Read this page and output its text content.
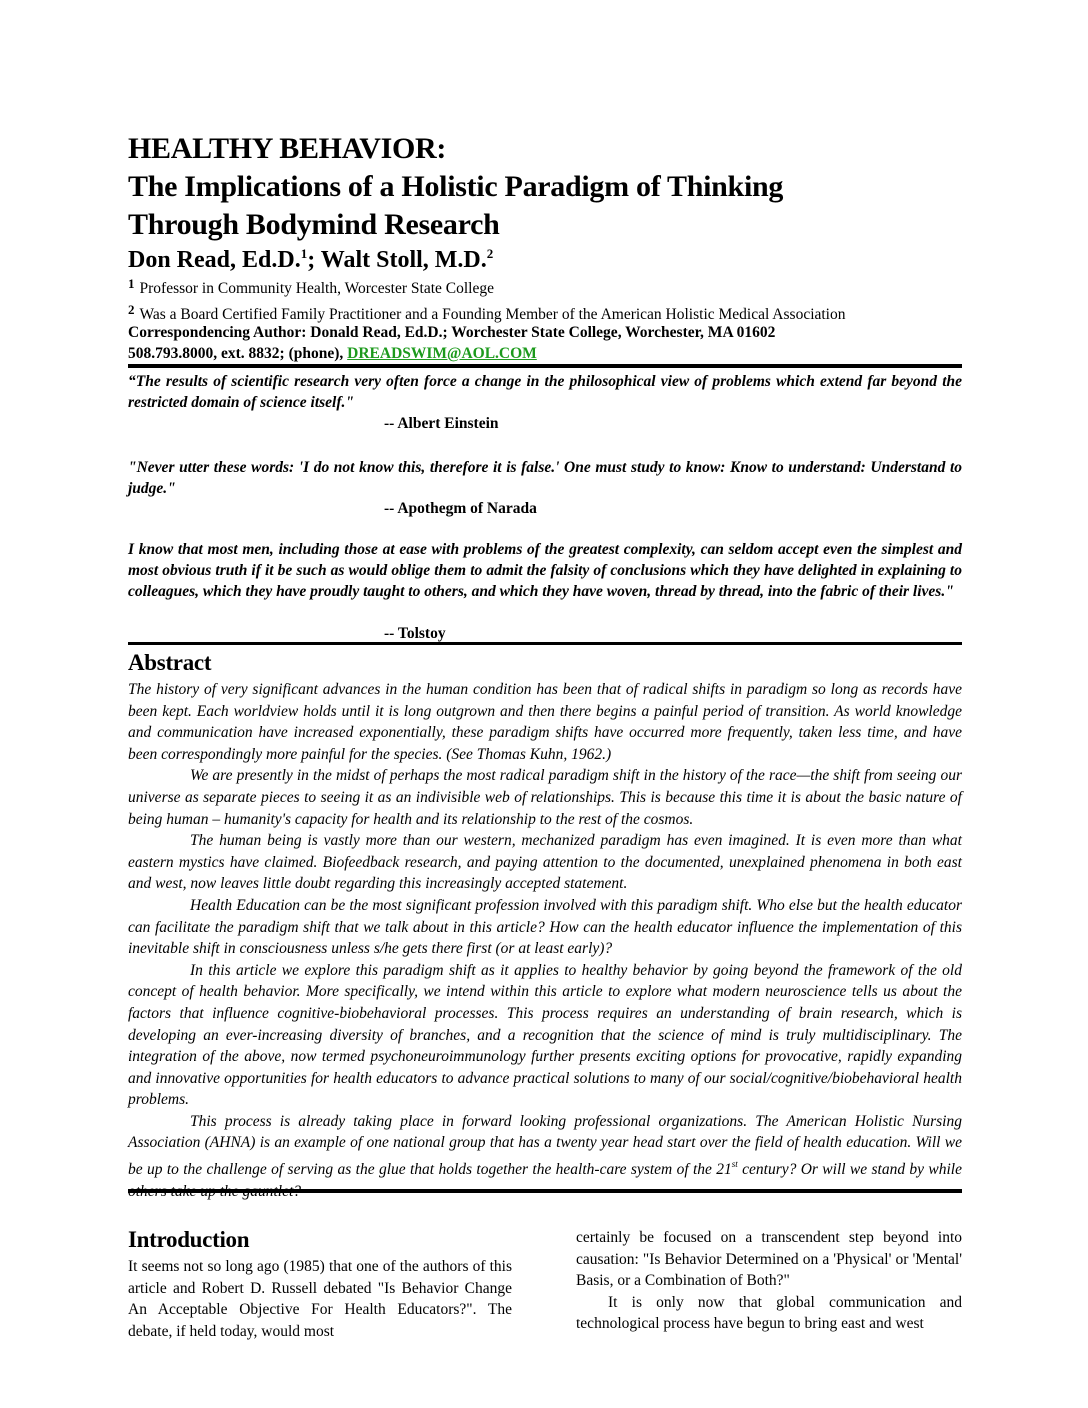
HEALTHY BEHAVIOR:
The Implications of a Holistic Paradigm of Thinking
Through Bodymind Research
Don Read, Ed.D.$^1$; Walt Stoll, M.D.$^2$
$^1$ Professor in Community Health, Worcester State College
$^2$ Was a Board Certified Family Practitioner and a Founding Member of the American Holistic Medical Association
Correspondencing Author: Donald Read, Ed.D.; Worchester State College, Worchester, MA 01602
508.793.8000, ext. 8832; (phone), DREADSWIM@AOL.COM

“The results of scientific research very often force a change in the philosophical view of problems which extend far beyond the restricted domain of science itself."

-- Albert Einstein

"Never utter these words: 'I do not know this, therefore it is false.' One must study to know: Know to understand: Understand to judge."

-- Apothegm of Narada

I know that most men, including those at ease with problems of the greatest complexity, can seldom accept even the simplest and most obvious truth if it be such as would oblige them to admit the falsity of conclusions which they have delighted in explaining to colleagues, which they have proudly taught to others, and which they have woven, thread by thread, into the fabric of their lives."

-- Tolstoy
Abstract

The history of very significant advances in the human condition has been that of radical shifts in paradigm so long as records have been kept. Each worldview holds until it is long outgrown and then there begins a painful period of transition. As world knowledge and communication have increased exponentially, these paradigm shifts have occurred more frequently, taken less time, and have been correspondingly more painful for the species. (See Thomas Kuhn, 1962.)

We are presently in the midst of perhaps the most radical paradigm shift in the history of the race—the shift from seeing our universe as separate pieces to seeing it as an indivisible web of relationships. This is because this time it is about the basic nature of being human – humanity's capacity for health and its relationship to the rest of the cosmos.

The human being is vastly more than our western, mechanized paradigm has even imagined. It is even more than what eastern mystics have claimed. Biofeedback research, and paying attention to the documented, unexplained phenomena in both east and west, now leaves little doubt regarding this increasingly accepted statement.

Health Education can be the most significant profession involved with this paradigm shift. Who else but the health educator can facilitate the paradigm shift that we talk about in this article? How can the health educator influence the implementation of this inevitable shift in consciousness unless s/he gets there first (or at least early)?

In this article we explore this paradigm shift as it applies to healthy behavior by going beyond the framework of the old concept of health behavior. More specifically, we intend within this article to explore what modern neuroscience tells us about the factors that influence cognitive-biobehavioral processes. This process requires an understanding of brain research, which is developing an ever-increasing diversity of branches, and a recognition that the science of mind is truly multidisciplinary. The integration of the above, now termed psychoneuroimmunology further presents exciting options for provocative, rapidly expanding and innovative opportunities for health educators to advance practical solutions to many of our social/cognitive/biobehavioral health problems.

This process is already taking place in forward looking professional organizations. The American Holistic Nursing Association (AHNA) is an example of one national group that has a twenty year head start over the field of health education. Will we be up to the challenge of serving as the glue that holds together the health-care system of the 21st century? Or will we stand by while

Introduction

It seems not so long ago (1985) that one of the authors of this article and Robert D. Russell debated "Is Behavior Change An Acceptable Objective For Health Educators?". The debate, if held today, would most

certainly be focused on a transcendent step beyond into causation: "Is Behavior Determined on a 'Physical' or 'Mental' Basis, or a Combination of Both?"

It is only now that global communication and technological process have begun to bring east and west
